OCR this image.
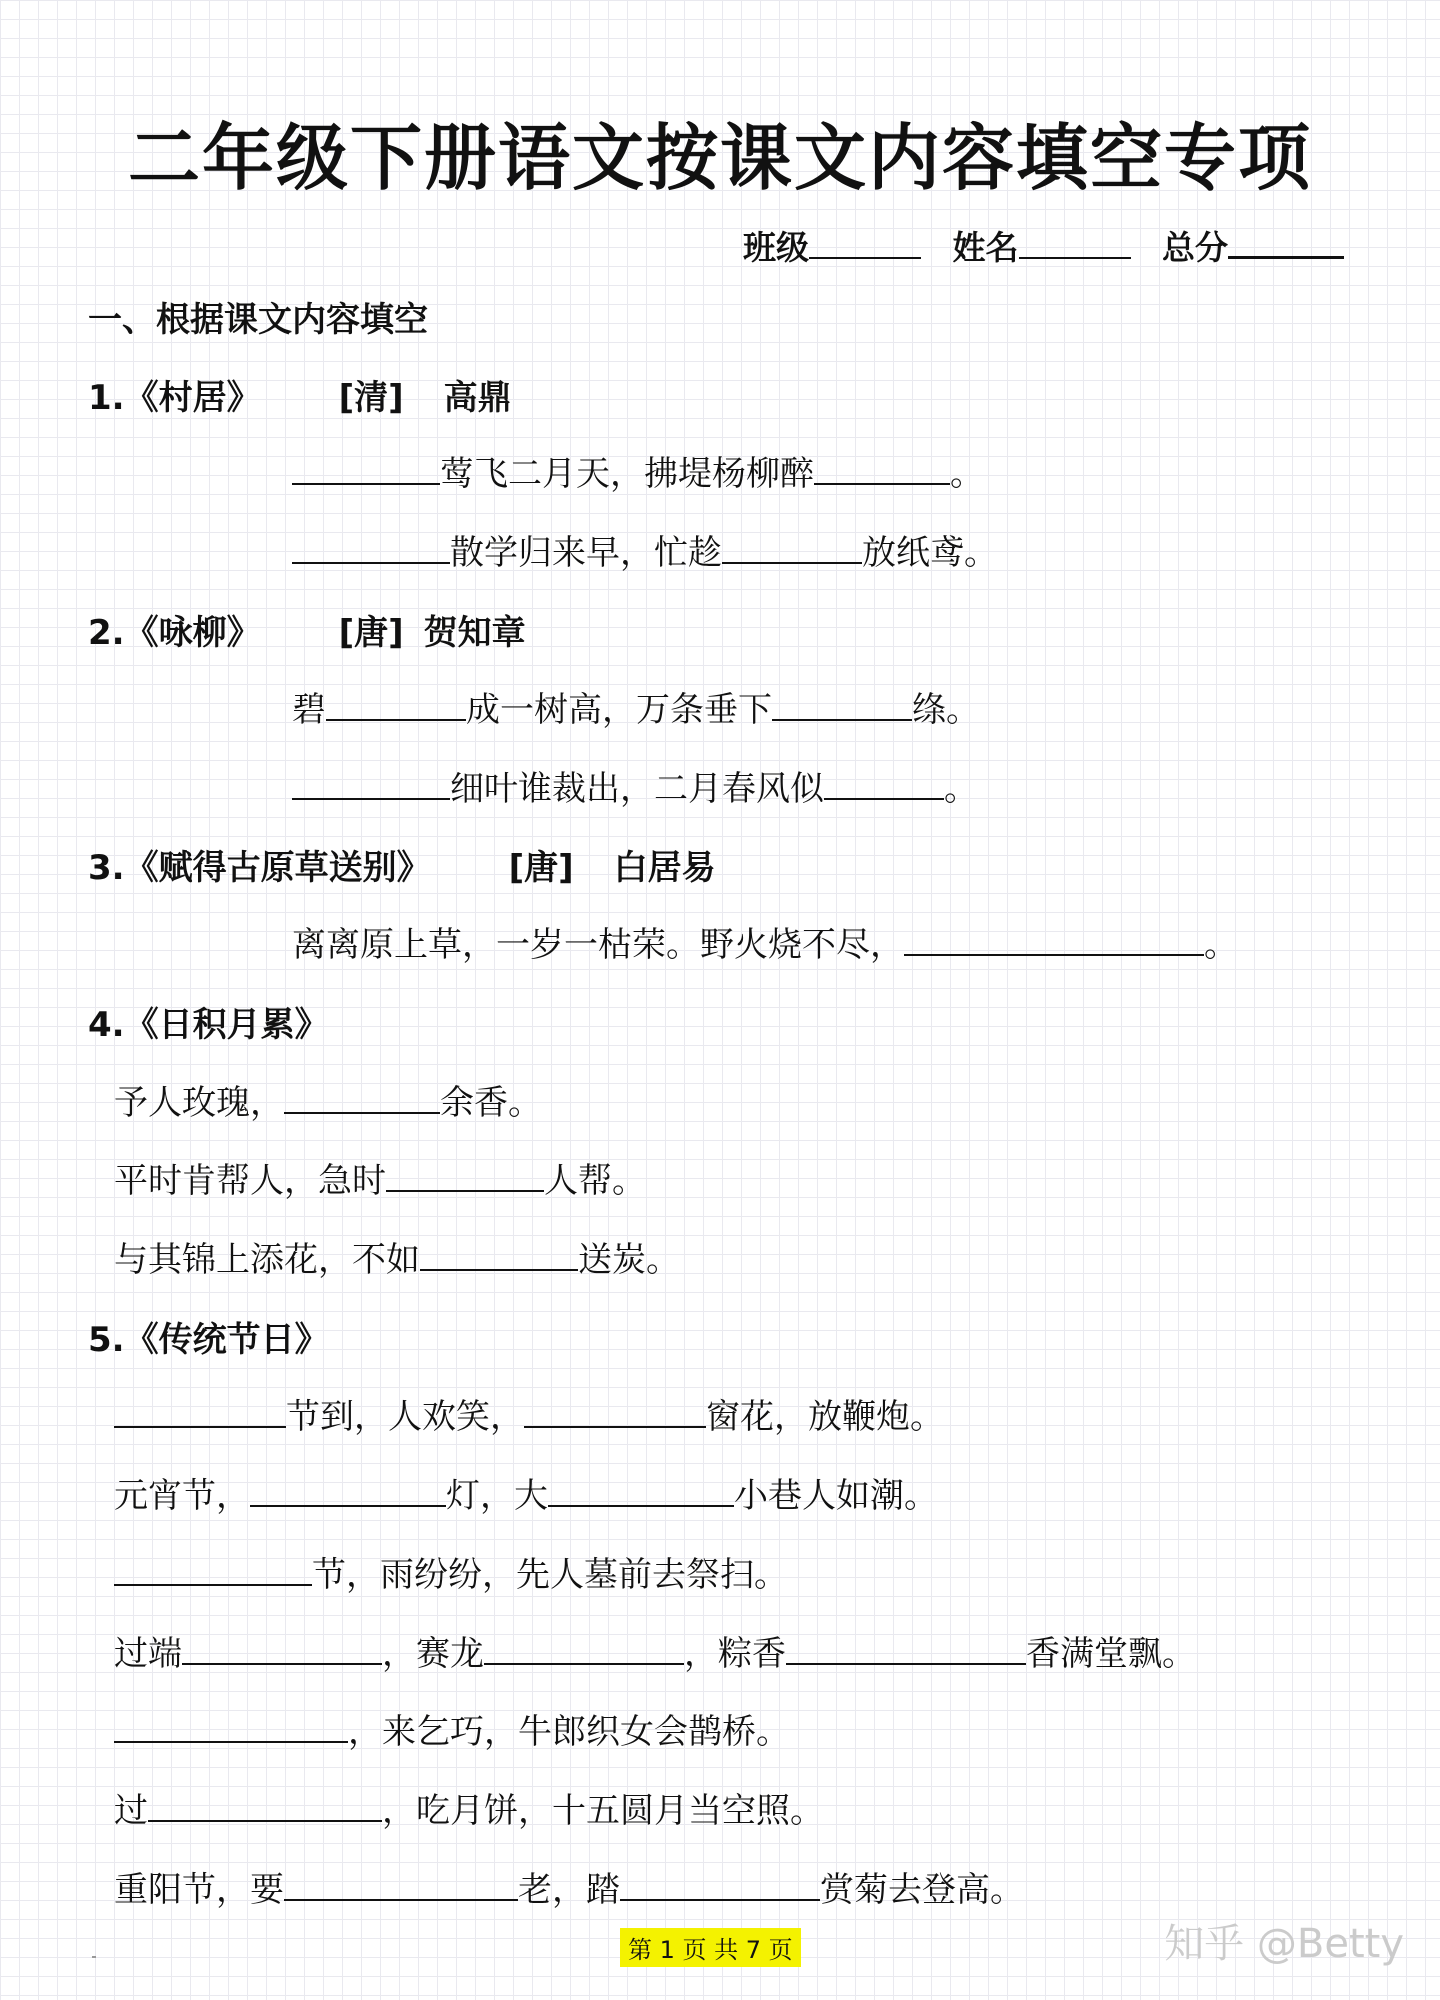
二年级下册语文按课文内容填空专项
班级	姓名	总分
一、根据课文内容填空
1.《村居》 [清] 高鼎
莺飞二月天，拂堤杨柳醉	。
散学归来早，忙趁	放纸鸢。
2.《咏柳》 [唐] 贺知章
碧	成一树高，万条垂下	绦。
细叶谁裁出，二月春风似	。
3.《赋得古原草送别》 [唐] 白居易
离离原上草，一岁一枯荣。野火烧不尽，	。
4.《日积月累》
予人玫瑰，	余香。
平时肯帮人，急时	人帮。
与其锦上添花，不如	送炭。
5.《传统节日》
节到，人欢笑，	窗花，放鞭炮。
元宵节，	灯，大	小巷人如潮。
节，雨纷纷，先人墓前去祭扫。
过端	，赛龙	，粽香	香满堂飘。
，来乞巧，牛郎织女会鹊桥。
过	，吃月饼，十五圆月当空照。
重阳节，要	老，踏	赏菊去登高。
第 1 页 共 7 页	知乎 @Betty
